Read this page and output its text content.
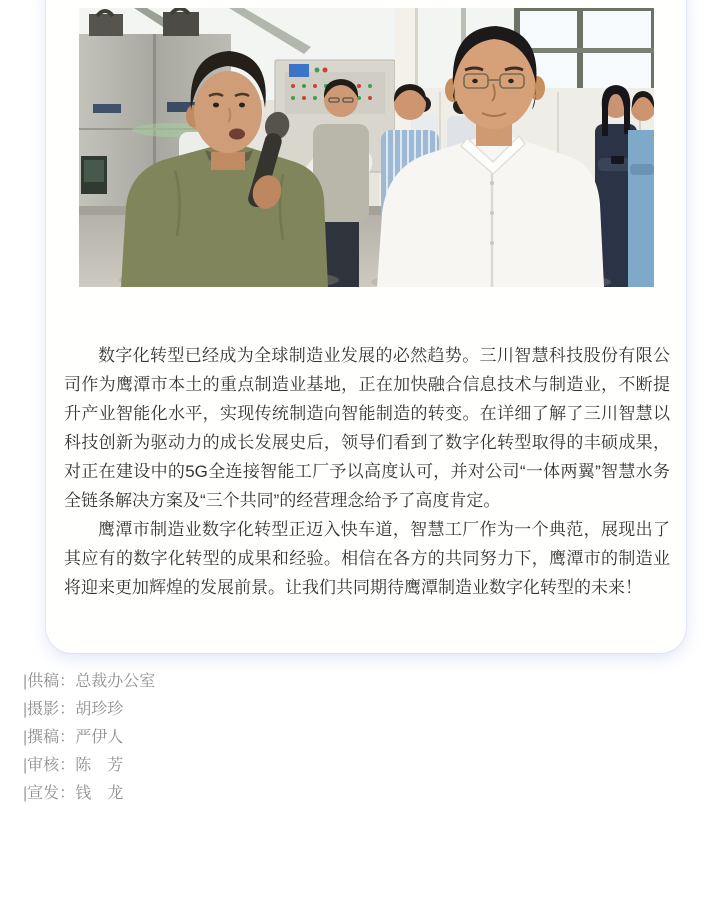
数字化转型已经成为全球制造业发展的必然趋势。三川智慧科技股份有限公司作为鹰潭市本土的重点制造业基地，正在加快融合信息技术与制造业，不断提升产业智能化水平，实现传统制造向智能制造的转变。在详细了解了三川智慧以科技创新为驱动力的成长发展史后，领导们看到了数字化转型取得的丰硕成果，对正在建设中的5G全连接智能工厂予以高度认可，并对公司“一体两翼”智慧水务全链条解决方案及“三个共同”的经营理念给予了高度肯定。

鹰潭市制造业数字化转型正迈入快车道，智慧工厂作为一个典范，展现出了其应有的数字化转型的成果和经验。相信在各方的共同努力下，鹰潭市的制造业将迎来更加辉煌的发展前景。让我们共同期待鹰潭制造业数字化转型的未来！

|供稿：总裁办公室
|摄影：胡珍珍
|撰稿：严伊人
|审核：陈　芳
|宣发：钱　龙
